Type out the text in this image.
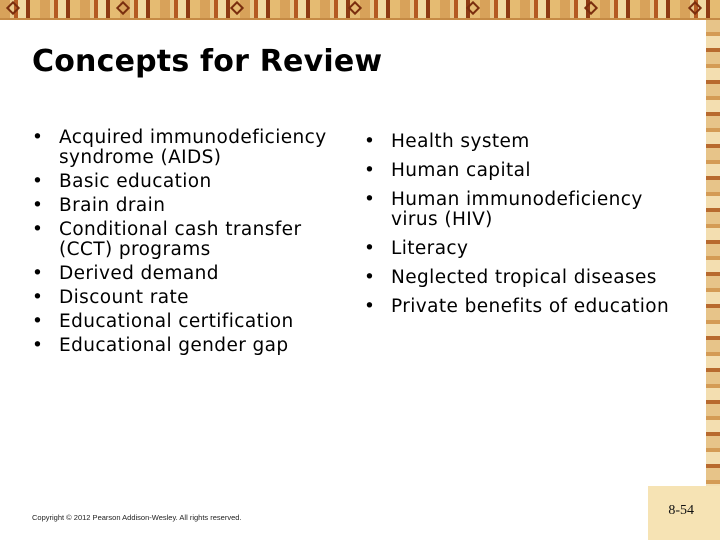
Concepts for Review
• Acquired immunodeficiency syndrome (AIDS)
• Basic education
• Brain drain
• Conditional cash transfer (CCT) programs
• Derived demand
• Discount rate
• Educational certification
• Educational gender gap
• Health system
• Human capital
• Human immunodeficiency virus (HIV)
• Literacy
• Neglected tropical diseases
• Private benefits of education
Copyright © 2012 Pearson Addison-Wesley. All rights reserved.	8-54
